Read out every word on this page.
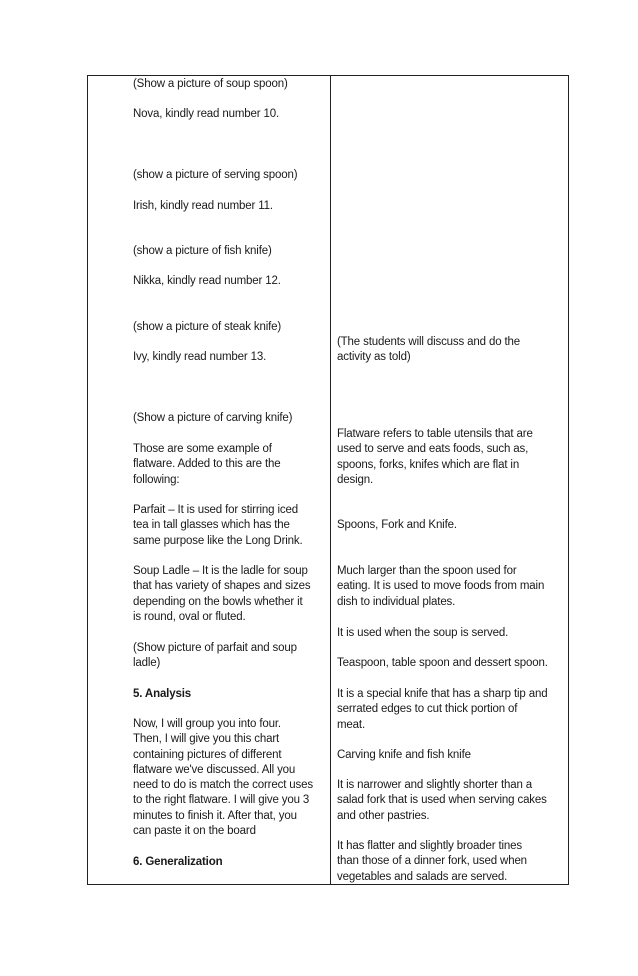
(Show a picture of soup spoon)
Nova, kindly read number 10.
(show a picture of serving spoon)
Irish, kindly read number 11.
(show a picture of fish knife)
Nikka, kindly read number 12.
(show a picture of steak knife)
Ivy, kindly read number 13.
(Show a picture of carving knife)
Those are some example of
flatware. Added to this are the
following:
Parfait – It is used for stirring iced
tea in tall glasses which has the
same purpose like the Long Drink.
Soup Ladle – It is the ladle for soup
that has variety of shapes and sizes
depending on the bowls whether it
is round, oval or fluted.
(Show picture of parfait and soup
ladle)
5. Analysis
Now, I will group you into four.
Then, I will give you this chart
containing pictures of different
flatware we've discussed. All you
need to do is match the correct uses
to the right flatware. I will give you 3
minutes to finish it. After that, you
can paste it on the board
6. Generalization
(The students will discuss and do the
activity as told)
Flatware refers to table utensils that are
used to serve and eats foods, such as,
spoons, forks, knifes which are flat in
design.
Spoons, Fork and Knife.
Much larger than the spoon used for
eating. It is used to move foods from main
dish to individual plates.
It is used when the soup is served.
Teaspoon, table spoon and dessert spoon.
It is a special knife that has a sharp tip and
serrated edges to cut thick portion of
meat.
Carving knife and fish knife
It is narrower and slightly shorter than a
salad fork that is used when serving cakes
and other pastries.
It has flatter and slightly broader tines
than those of a dinner fork, used when
vegetables and salads are served.
